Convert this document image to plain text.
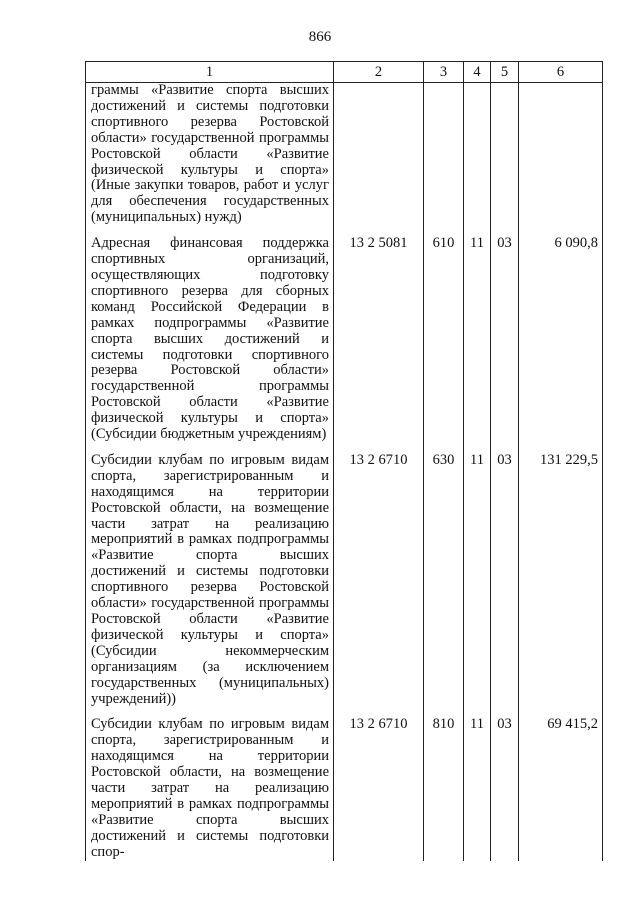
866
1	2	3	4	5	6
граммы «Развитие спорта высших достижений и системы подготовки спортивного резерва Ростовской области» государственной программы Ростовской области «Развитие физической культуры и спорта» (Иные закупки товаров, работ и услуг для обеспечения государственных (муниципальных) нужд)					

Адресная финансовая поддержка спортивных организаций, осуществляющих подготовку спортивного резерва для сборных команд Российской Федерации в рамках подпрограммы «Развитие спорта высших достижений и системы подготовки спортивного резерва Ростовской области» государственной программы Ростовской области «Развитие физической культуры и спорта» (Субсидии бюджетным учреждениям)	13 2 5081	610	11	03	6 090,8

Субсидии клубам по игровым видам спорта, зарегистрированным и находящимся на территории Ростовской области, на возмещение части затрат на реализацию мероприятий в рамках подпрограммы «Развитие спорта высших достижений и системы подготовки спортивного резерва Ростовской области» государственной программы Ростовской области «Развитие физической культуры и спорта» (Субсидии некоммерческим организациям (за исключением государственных (муниципальных) учреждений))	13 2 6710	630	11	03	131 229,5

Субсидии клубам по игровым видам спорта, зарегистрированным и находящимся на территории Ростовской области, на возмещение части затрат на реализацию мероприятий в рамках подпрограммы «Развитие спорта высших достижений и системы подготовки спор-	13 2 6710	810	11	03	69 415,2
